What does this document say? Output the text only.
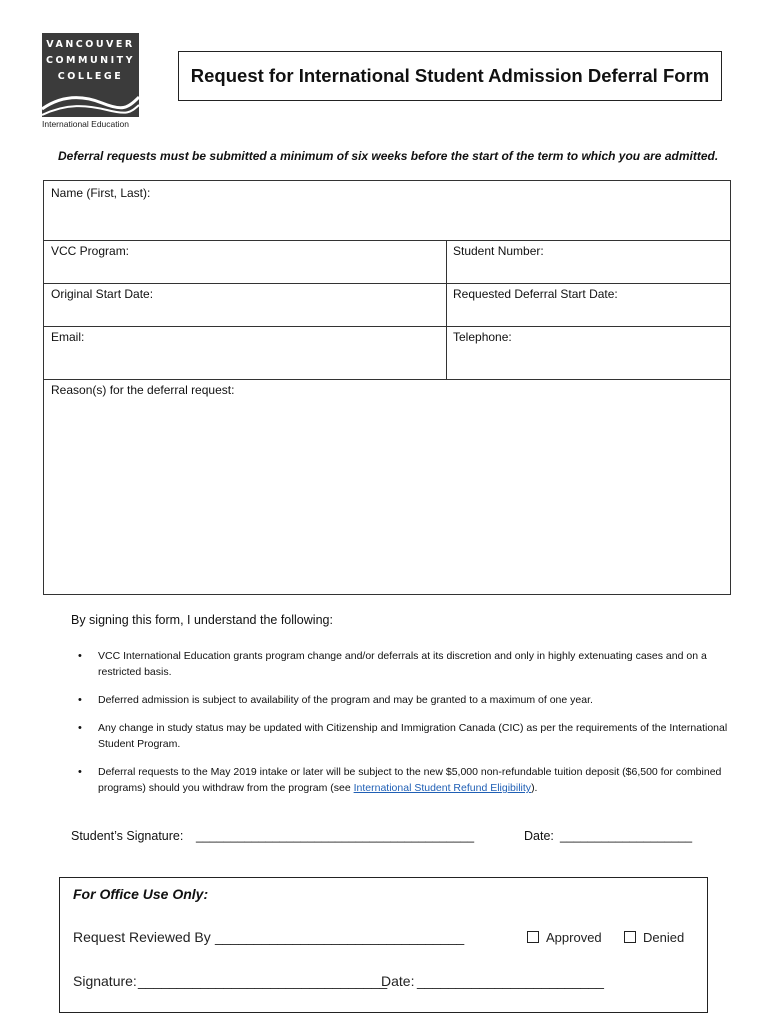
VANCOUVER
COMMUNITY
COLLEGE
International Education
Request for International Student Admission Deferral Form
Deferral requests must be submitted a minimum of six weeks before the start of the term to which you are admitted.
Name (First, Last):
VCC Program:	Student Number:
Original Start Date:	Requested Deferral Start Date:
Email:	Telephone:
Reason(s) for the deferral request:
By signing this form, I understand the following:
• VCC International Education grants program change and/or deferrals at its discretion and only in highly extenuating cases and on a restricted basis.
• Deferred admission is subject to availability of the program and may be granted to a maximum of one year.
• Any change in study status may be updated with Citizenship and Immigration Canada (CIC) as per the requirements of the International Student Program.
• Deferral requests to the May 2019 intake or later will be subject to the new $5,000 non-refundable tuition deposit ($6,500 for combined programs) should you withdraw from the program (see International Student Refund Eligibility).
Student’s Signature: ________________________________________	Date: ___________________
For Office Use Only:
Request Reviewed By ________________________________	Approved	Denied
Signature: ________________________________
Date: ________________________
